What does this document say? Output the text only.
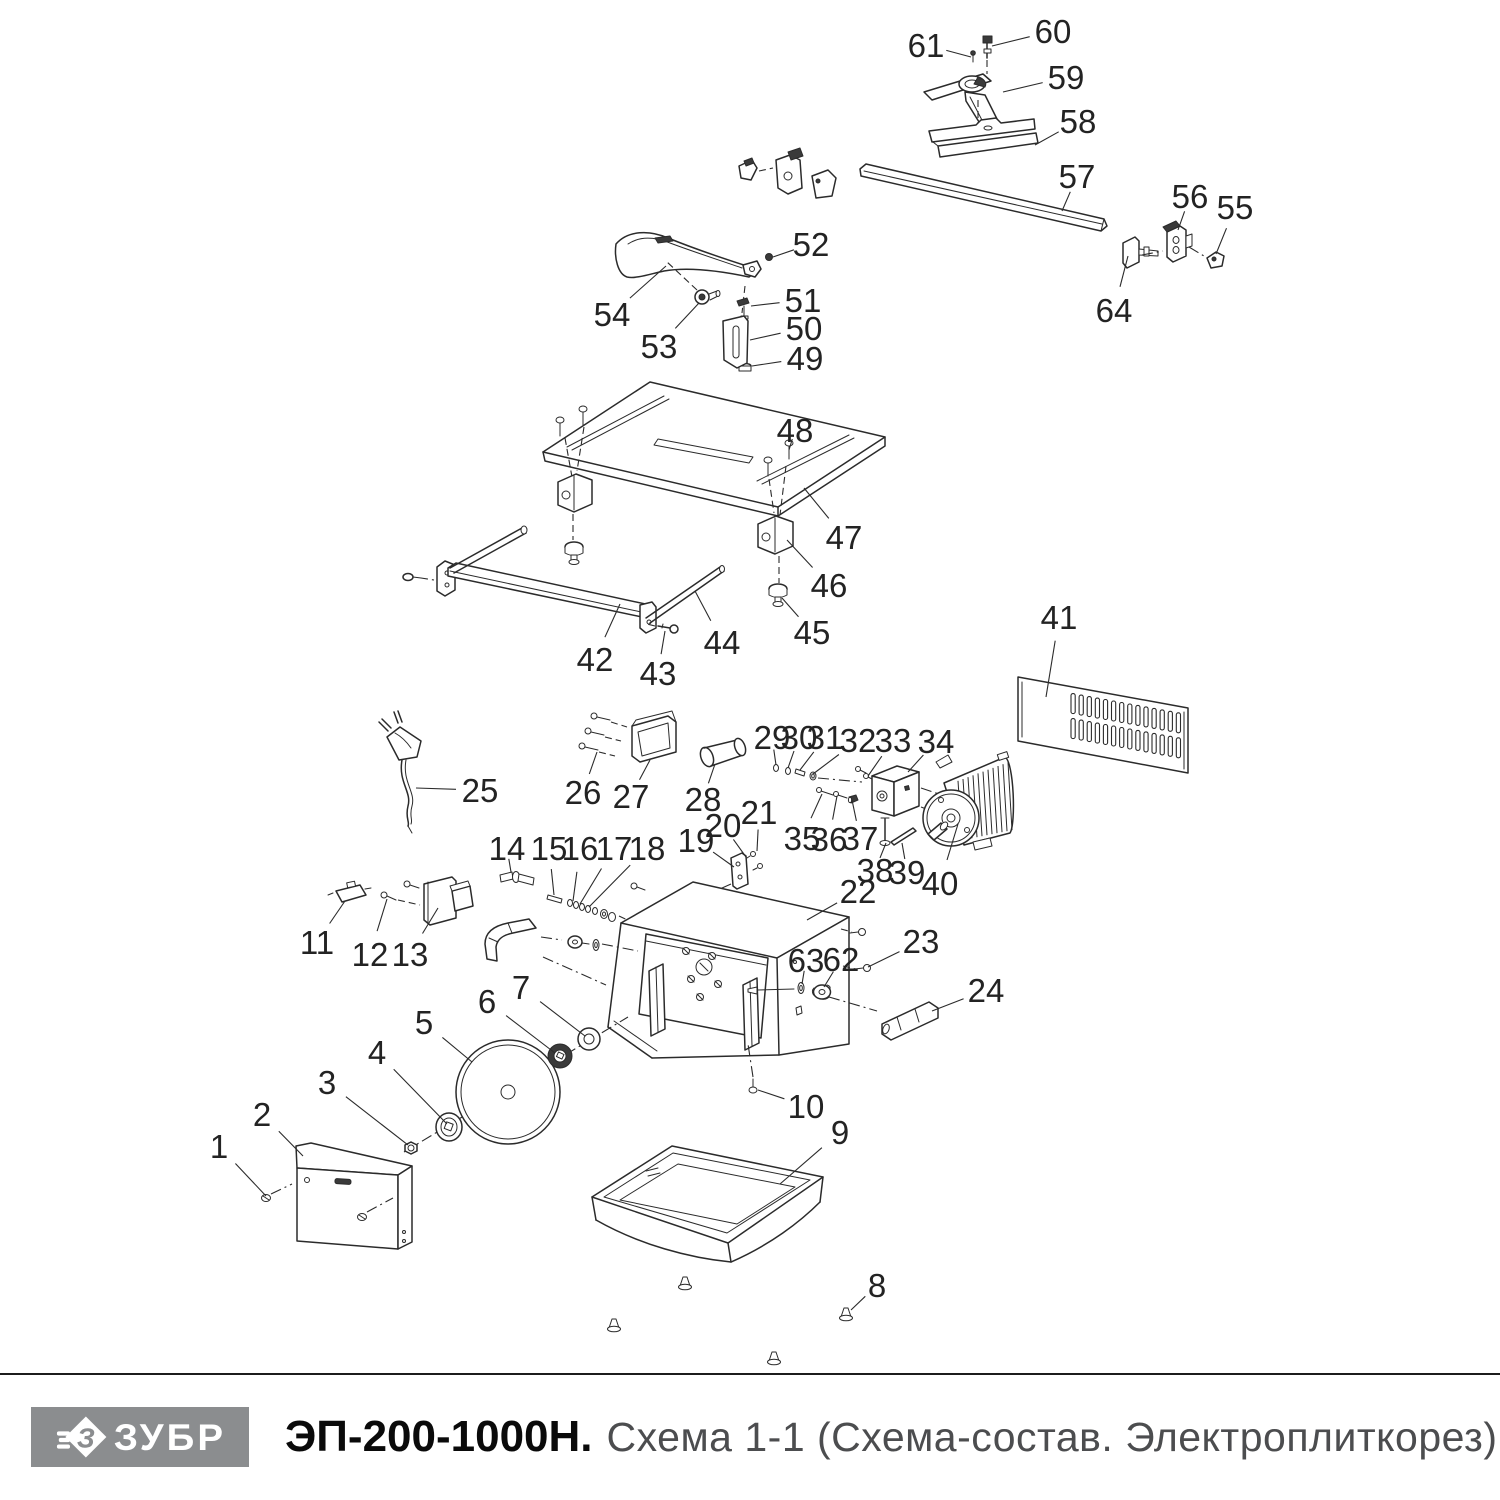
1
2
3
4
5
6 7
8
9
10
11 12 13
14 15
16
17
18 19
20 21
22
23
24
25 26 27 28
29
30
31
32
33 34
35
36
37
38
39
40
41
42 43
44 45
46
47
48
49
50
51
52
53
54
55
56
57
58
59
60
61
62
63
64
З ЗУБР ЭП-200-1000Н. Схема 1-1 (Схема-состав. Электроплиткорез)
